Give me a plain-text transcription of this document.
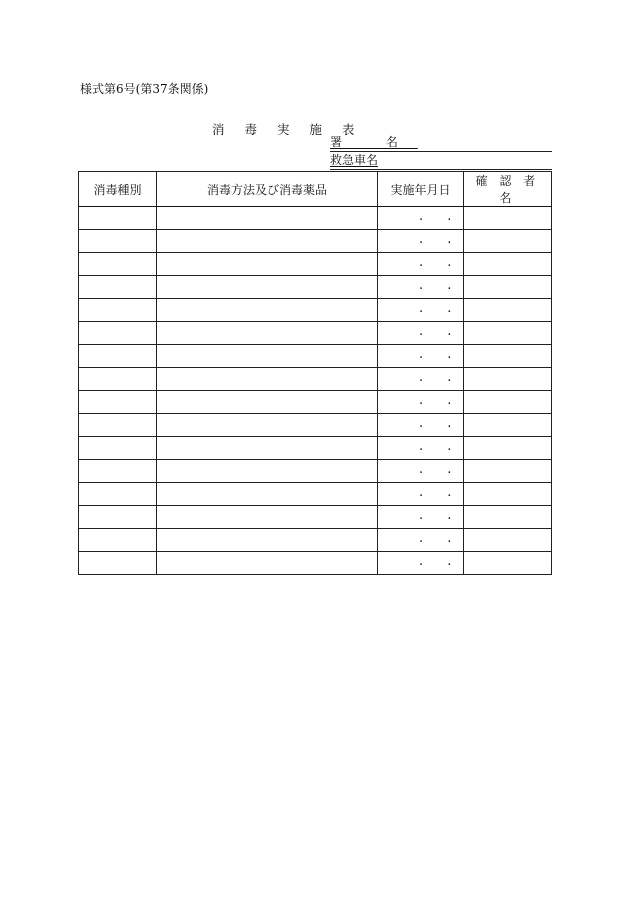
様式第6号(第37条関係)
消 毒 実 施 表
署 名
救急車名
消毒種別	消毒方法及び消毒薬品	実施年月日	確 認 者 名

		. .	

		. .	

		. .	

		. .	

		. .	

		. .	

		. .	

		. .	

		. .	

		. .	

		. .	

		. .	

		. .	

		. .	

		. .	

		. .	
